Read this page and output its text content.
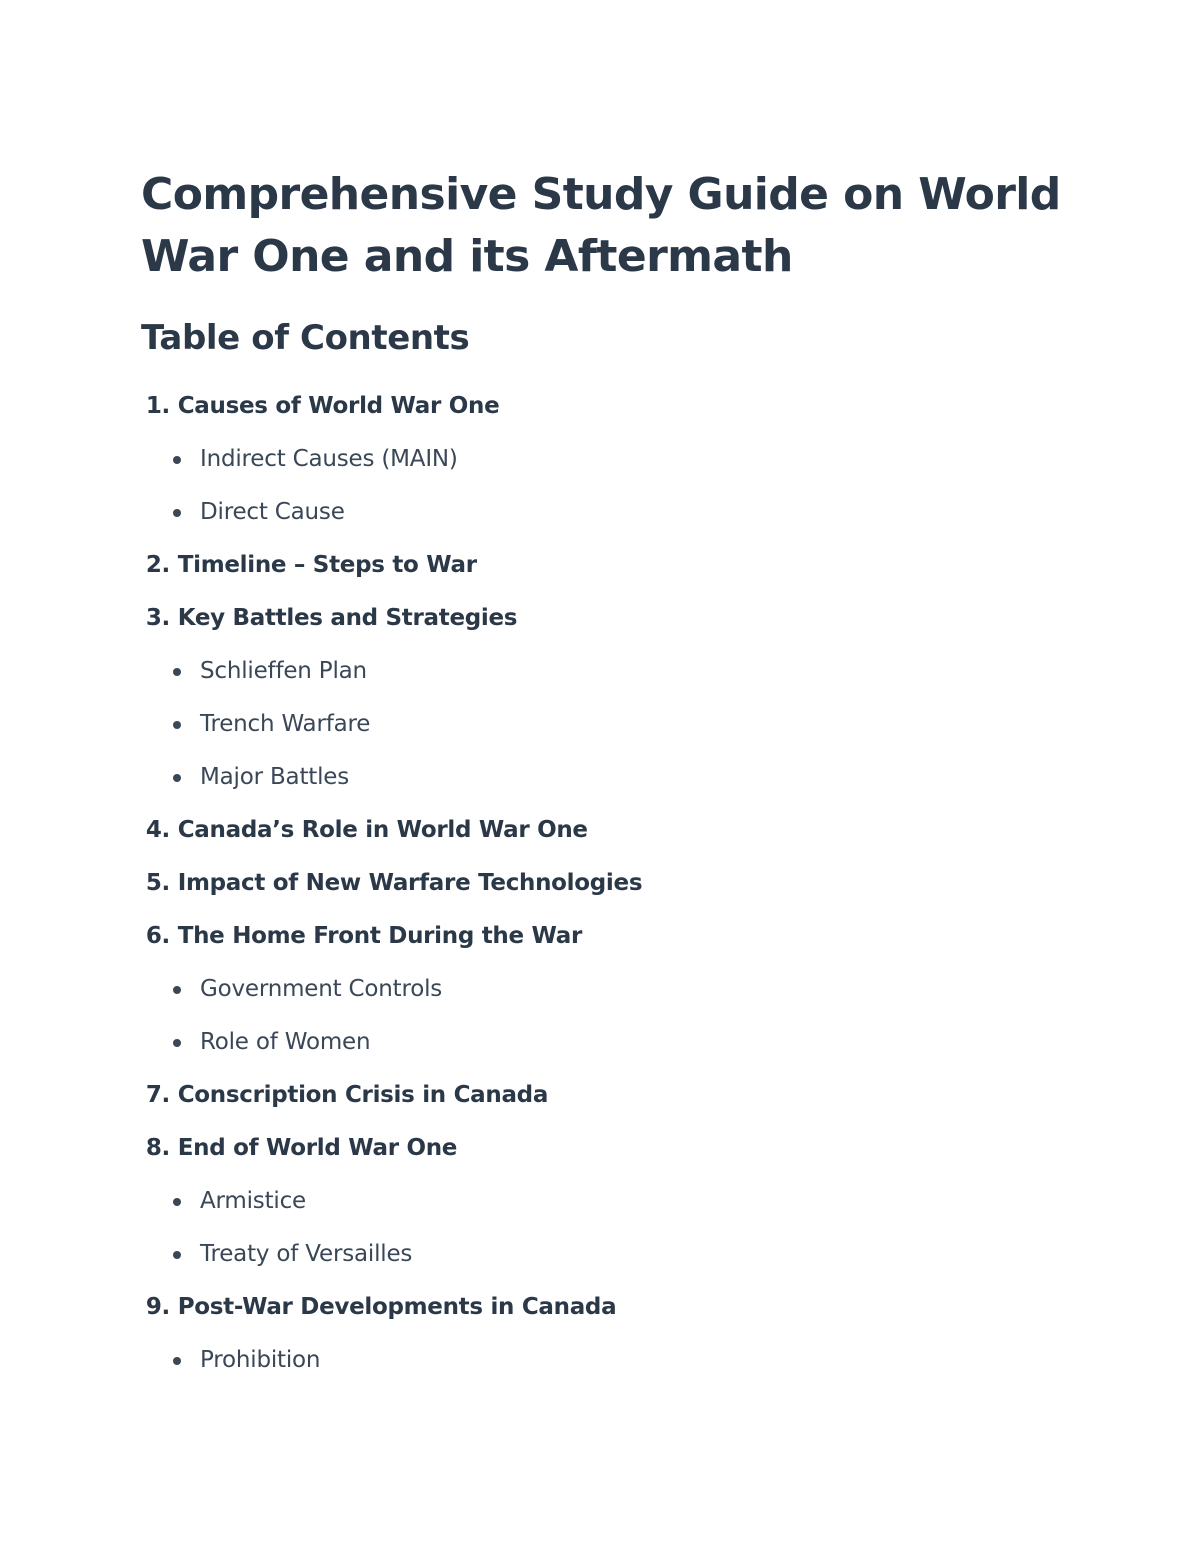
Comprehensive Study Guide on World War One and its Aftermath
Table of Contents
1. Causes of World War One
Indirect Causes (MAIN)
Direct Cause
2. Timeline – Steps to War
3. Key Battles and Strategies
Schlieffen Plan
Trench Warfare
Major Battles
4. Canada’s Role in World War One
5. Impact of New Warfare Technologies
6. The Home Front During the War
Government Controls
Role of Women
7. Conscription Crisis in Canada
8. End of World War One
Armistice
Treaty of Versailles
9. Post-War Developments in Canada
Prohibition
